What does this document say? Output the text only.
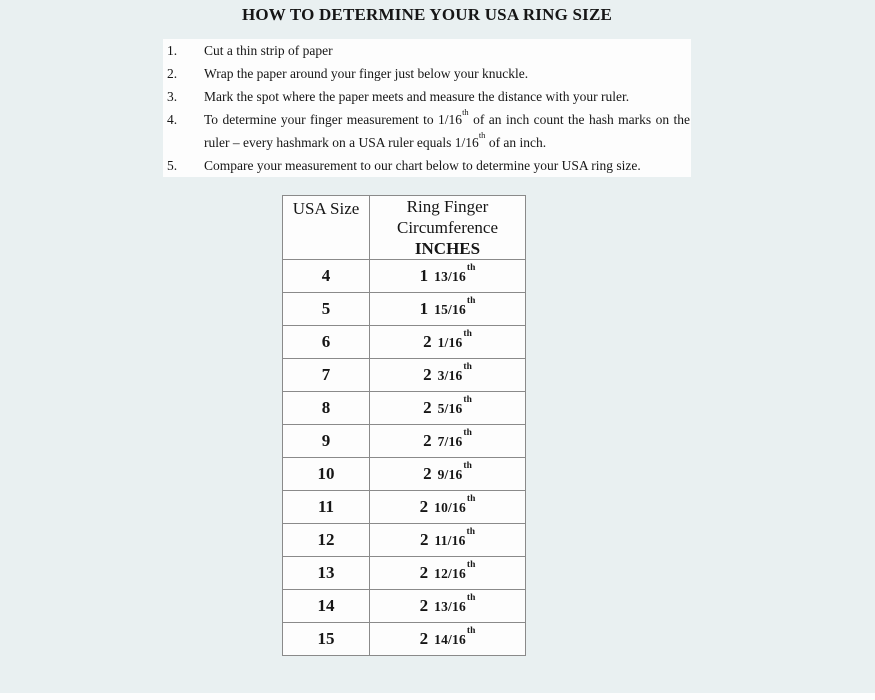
HOW TO DETERMINE YOUR USA RING SIZE
1.	Cut a thin strip of paper
2.	Wrap the paper around your finger just below your knuckle.
3.	Mark the spot where the paper meets and measure the distance with your ruler.
4.	To determine your finger measurement to 1/16th of an inch count the hash marks on the
ruler – every hashmark on a USA ruler equals 1/16th of an inch.
5.	Compare your measurement to our chart below to determine your USA ring size.
USA Size	Ring Finger
Circumference
INCHES

4	1 13/16th
5	1 15/16th
6	2 1/16th
7	2 3/16th
8	2 5/16th
9	2 7/16th
10	2 9/16th
11	2 10/16th
12	2 11/16th
13	2 12/16th
14	2 13/16th
15	2 14/16th
